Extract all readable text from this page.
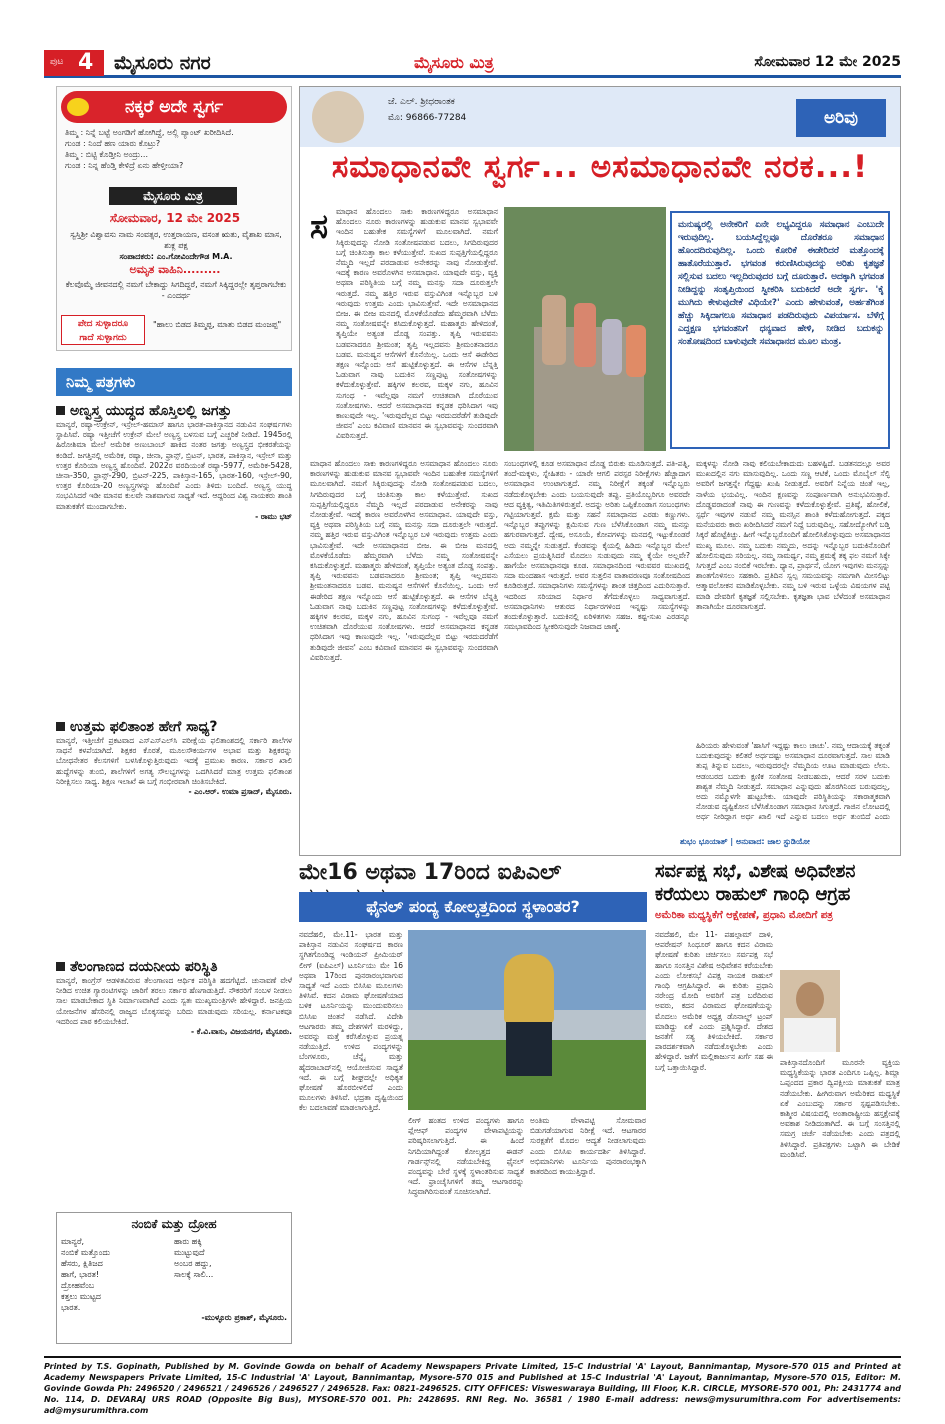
ಪುಟ 4 ಮೈಸೂರು ನಗರ	ಮೈಸೂರು ಮಿತ್ರ	ಸೋಮವಾರ 12 ಮೇ 2025
ನಕ್ಕರೆ ಅದೇ ಸ್ವರ್ಗ
ತಿಮ್ಮ : ನಿನ್ನೆ ಬಟ್ಟೆ ಅಂಗಡಿಗೆ ಹೋಗಿದ್ದೆ, ಅಲ್ಲಿ ಪ್ಯಾಂಟ್‌ ಖರೀದಿಸಿದೆ.
ಗುಂಡ : ನಿಂದೆ ಹಣ ಯಾರು ಕೊಟ್ರು?
ತಿಮ್ಮ : ಬಿಟ್ಟಿ ಕೊಡ್ತೀನಿ ಅಂದ್ರು...
ಗುಂಡ : ನಿನ್ನ ಹೆಂಡ್ತಿ ಕೇಳಿದ್ರೆ ಏನು ಹೇಳ್ತೀಯಾ?
ಮೈಸೂರು ಮಿತ್ರ
ಸೋಮವಾರ, 12 ಮೇ 2025
ಸ್ವಸ್ತಿಶ್ರೀ ವಿಶ್ವಾವಸು ನಾಮ ಸಂವತ್ಸರ, ಉತ್ತರಾಯಣ, ವಸಂತ ಋತು, ವೈಶಾಖ ಮಾಸ, ಶುಕ್ಲ ಪಕ್ಷ
ಸಂಪಾದಕರು: ಎಂ.ಗೋವಿಂದೇಗೌಡ M.A.
ಅಮೃತ ವಾಹಿನಿ.........
ಕೆಲವೊಮ್ಮೆ ಜೀವನದಲ್ಲಿ ನಮಗೆ ಬೇಕಾದ್ದು ಸಿಗದಿದ್ದರೆ, ನಮಗೆ ಸಿಕ್ಕಿದ್ದರಲ್ಲೇ ತೃಪ್ತರಾಗಬೇಕು - ಎಂದರ್ಥ
ಪೇದ ಸುಳ್ಳಾದರೂ
ಗಾದೆ ಸುಳ್ಳಾಗದು
"ಹಾಲು ಬಿಡದ ತಿಮ್ಮಪ್ಪ, ಮಾತು ಬಿಡದ ಮಂಜಪ್ಪ"
ನಿಮ್ಮ ಪತ್ರಗಳು
ಅಣ್ವಸ್ತ್ರ ಯುದ್ಧದ ಹೊಸ್ತಿಲಲ್ಲಿ ಜಗತ್ತು
ಮಾನ್ಯರೆ, ರಷ್ಯಾ-ಉಕ್ರೇನ್, ಇಸ್ರೇಲ್-ಹಮಾಸ್ ಹಾಗೂ ಭಾರತ-ಪಾಕಿಸ್ತಾನದ ನಡುವಿನ ಸಂಘರ್ಷಗಳು ಸ್ಥಾಪಿಸಿವೆ. ರಷ್ಯಾ ಇತ್ತೀಚೆಗೆ ಉಕ್ರೇನ್ ಮೇಲೆ ಅಣ್ವಸ್ತ್ರ ಬಳಸುವ ಬಗ್ಗೆ ಎಚ್ಚರಿಕೆ ನೀಡಿದೆ. 1945ರಲ್ಲಿ ಹಿರೋಶಿಮಾ ಮೇಲೆ ಅಮೆರಿಕ ಅಣುಬಾಂಬ್ ಹಾಕಿದ ನಂತರ ಜಗತ್ತು ಅಣ್ವಸ್ತ್ರದ ಭೀಕರತೆಯನ್ನು ಕಂಡಿದೆ. ಜಗತ್ತಿನಲ್ಲಿ ಅಮೆರಿಕ, ರಷ್ಯಾ, ಚೀನಾ, ಫ್ರಾನ್ಸ್, ಬ್ರಿಟನ್, ಭಾರತ, ಪಾಕಿಸ್ತಾನ, ಇಸ್ರೇಲ್ ಮತ್ತು ಉತ್ತರ ಕೊರಿಯಾ ಅಣ್ವಸ್ತ್ರ ಹೊಂದಿವೆ. 2022ರ ವರದಿಯಂತೆ ರಷ್ಯಾ-5977, ಅಮೆರಿಕ-5428, ಚೀನಾ-350, ಫ್ರಾನ್ಸ್-290, ಬ್ರಿಟನ್-225, ಪಾಕಿಸ್ತಾನ-165, ಭಾರತ-160, ಇಸ್ರೇಲ್-90, ಉತ್ತರ ಕೊರಿಯಾ-20 ಅಣ್ವಸ್ತ್ರಗಳನ್ನು ಹೊಂದಿವೆ ಎಂದು ತಿಳಿದು ಬಂದಿದೆ. ಅಣ್ವಸ್ತ್ರ ಯುದ್ಧ ಸಂಭವಿಸಿದರೆ ಇಡೀ ಮಾನವ ಕುಲವೇ ನಾಶವಾಗುವ ಸಾಧ್ಯತೆ ಇದೆ. ಆದ್ದರಿಂದ ವಿಶ್ವ ನಾಯಕರು ಶಾಂತಿ ಮಾತುಕತೆಗೆ ಮುಂದಾಗಬೇಕು.
- ರಾಮು ಭಟ್
ಉತ್ತಮ ಫಲಿತಾಂಶ ಹೇಗೆ ಸಾಧ್ಯ?
ಮಾನ್ಯರೆ, ಇತ್ತೀಚೆಗೆ ಪ್ರಕಟವಾದ ಎಸ್‌ಎಸ್‌ಎಲ್‌ಸಿ ಪರೀಕ್ಷೆಯ ಫಲಿತಾಂಶದಲ್ಲಿ ಸರ್ಕಾರಿ ಶಾಲೆಗಳ ಸಾಧನೆ ಕಳಪೆಯಾಗಿದೆ. ಶಿಕ್ಷಕರ ಕೊರತೆ, ಮೂಲಸೌಕರ್ಯಗಳ ಅಭಾವ ಮತ್ತು ಶಿಕ್ಷಕರನ್ನು ಬೋಧನೇತರ ಕೆಲಸಗಳಿಗೆ ಬಳಸಿಕೊಳ್ಳುತ್ತಿರುವುದು ಇದಕ್ಕೆ ಪ್ರಮುಖ ಕಾರಣ. ಸರ್ಕಾರ ಖಾಲಿ ಹುದ್ದೆಗಳನ್ನು ತುಂಬಿ, ಶಾಲೆಗಳಿಗೆ ಅಗತ್ಯ ಸೌಲಭ್ಯಗಳನ್ನು ಒದಗಿಸಿದರೆ ಮಾತ್ರ ಉತ್ತಮ ಫಲಿತಾಂಶ ನಿರೀಕ್ಷಿಸಲು ಸಾಧ್ಯ. ಶಿಕ್ಷಣ ಇಲಾಖೆ ಈ ಬಗ್ಗೆ ಗಂಭೀರವಾಗಿ ಚಿಂತಿಸಬೇಕಿದೆ.
- ಎಂ.ಆರ್. ಉಮಾ ಪ್ರಸಾದ್, ಮೈಸೂರು.
ತೆಲಂಗಾಣದ ದಯನೀಯ ಪರಿಸ್ಥಿತಿ
ಮಾನ್ಯರೆ, ಕಾಂಗ್ರೆಸ್ ಆಡಳಿತವಿರುವ ತೆಲಂಗಾಣದ ಆರ್ಥಿಕ ಪರಿಸ್ಥಿತಿ ಹದಗೆಟ್ಟಿದೆ. ಚುನಾವಣೆ ವೇಳೆ ನೀಡಿದ ಉಚಿತ ಗ್ಯಾರಂಟಿಗಳನ್ನು ಜಾರಿಗೆ ತರಲು ಸರ್ಕಾರ ಹೆಣಗಾಡುತ್ತಿದೆ. ನೌಕರರಿಗೆ ಸಂಬಳ ನೀಡಲು ಸಾಲ ಮಾಡಬೇಕಾದ ಸ್ಥಿತಿ ನಿರ್ಮಾಣವಾಗಿದೆ ಎಂದು ಸ್ವತಃ ಮುಖ್ಯಮಂತ್ರಿಗಳೇ ಹೇಳಿದ್ದಾರೆ. ಜನಪ್ರಿಯ ಯೋಜನೆಗಳ ಹೆಸರಿನಲ್ಲಿ ರಾಜ್ಯದ ಬೊಕ್ಕಸವನ್ನು ಬರಿದು ಮಾಡುವುದು ಸರಿಯಲ್ಲ. ಕರ್ನಾಟಕವೂ ಇದರಿಂದ ಪಾಠ ಕಲಿಯಬೇಕಿದೆ.
- ಕೆ.ವಿ.ವಾಸು, ವಿಜಯನಗರ, ಮೈಸೂರು.
ನಂಬಿಕೆ ಮತ್ತು ದ್ರೋಹ
ಮಾನ್ಯರೆ,
ನಂಬಿಕೆ ಮತ್ತೊಂದು
ಹೆಸರು, ಕ್ಷಿತಿಜದ
ಹಾಗೆ, ಭಾರತ!
ದ್ರೋಹವೆಂಬ
ಕತ್ತಲು ಮುಟ್ಟದ
ಭಾರತ.
ಹಾರು ಹಕ್ಕಿ
ಮುಟ್ಟುವುದೆ
ಅಂಬರ ಹದ್ದು,
ಸಾಲಕ್ಕೆ ಸಾಲಿ...
-ಮುಳ್ಳೂರು ಪ್ರಕಾಶ್, ಮೈಸೂರು.
ಜೆ. ಎಲ್. ಶ್ರೀಧರಾಂತಕ
ಮೊ: 96866-77284	ಅರಿವು
ಸಮಾಧಾನವೇ ಸ್ವರ್ಗ... ಅಸಮಾಧಾನವೇ ನರಕ...!
ಸ ಮಾಧಾನ ಹೊಂದಲು ಸಾಕು ಕಾರಣಗಳಿದ್ದರೂ ಅಸಮಾಧಾನ ಹೊಂದಲು ನೂರು ಕಾರಣಗಳನ್ನು ಹುಡುಕುವ ಮಾನವ ಸ್ವಭಾವವೇ ಇಂದಿನ ಬಹುತೇಕ ಸಮಸ್ಯೆಗಳಿಗೆ ಮೂಲವಾಗಿದೆ. ನಮಗೆ ಸಿಕ್ಕಿರುವುದನ್ನು ನೋಡಿ ಸಂತೋಷಪಡುವ ಬದಲು, ಸಿಗದಿರುವುದರ ಬಗ್ಗೆ ಚಿಂತಿಸುತ್ತಾ ಕಾಲ ಕಳೆಯುತ್ತೇವೆ. ಸುಖದ ಸುಪ್ಪತ್ತಿಗೆಯಲ್ಲಿದ್ದರೂ ನೆಮ್ಮದಿ ಇಲ್ಲದೆ ಪರದಾಡುವ ಅನೇಕರನ್ನು ನಾವು ನೋಡುತ್ತೇವೆ. ಇದಕ್ಕೆ ಕಾರಣ ಅವರೊಳಗಿನ ಅಸಮಾಧಾನ. ಯಾವುದೇ ವಸ್ತು, ವ್ಯಕ್ತಿ ಅಥವಾ ಪರಿಸ್ಥಿತಿಯ ಬಗ್ಗೆ ನಮ್ಮ ಮನಸ್ಸು ಸದಾ ದೂರುತ್ತಲೇ ಇರುತ್ತದೆ. ನಮ್ಮ ಹತ್ತಿರ ಇರುವ ವಸ್ತುವಿಗಿಂತ ಇನ್ನೊಬ್ಬರ ಬಳಿ ಇರುವುದು ಉತ್ತಮ ಎಂದು ಭಾವಿಸುತ್ತೇವೆ. ಇದೇ ಅಸಮಾಧಾನದ ಬೀಜ. ಈ ಬೀಜ ಮನದಲ್ಲಿ ಮೊಳಕೆಯೊಡೆದು ಹೆಮ್ಮರವಾಗಿ ಬೆಳೆದು ನಮ್ಮ ಸಂತೋಷವನ್ನೇ ಕಸಿದುಕೊಳ್ಳುತ್ತದೆ. ಮಹಾತ್ಮರು ಹೇಳಿದಂತೆ, ತೃಪ್ತಿಯೇ ಅತ್ಯಂತ ದೊಡ್ಡ ಸಂಪತ್ತು. ತೃಪ್ತಿ ಇರುವವನು ಬಡವನಾದರೂ ಶ್ರೀಮಂತ; ತೃಪ್ತಿ ಇಲ್ಲದವನು ಶ್ರೀಮಂತನಾದರೂ ಬಡವ. ಮನುಷ್ಯನ ಆಸೆಗಳಿಗೆ ಕೊನೆಯಿಲ್ಲ. ಒಂದು ಆಸೆ ಈಡೇರಿದ ತಕ್ಷಣ ಇನ್ನೊಂದು ಆಸೆ ಹುಟ್ಟಿಕೊಳ್ಳುತ್ತದೆ. ಈ ಆಸೆಗಳ ಬೆನ್ನತ್ತಿ ಓಡುವಾಗ ನಾವು ಬದುಕಿನ ಸಣ್ಣಪುಟ್ಟ ಸಂತೋಷಗಳನ್ನು ಕಳೆದುಕೊಳ್ಳುತ್ತೇವೆ. ಹಕ್ಕಿಗಳ ಕಲರವ, ಮಕ್ಕಳ ನಗು, ಹೂವಿನ ಸುಗಂಧ - ಇವೆಲ್ಲವೂ ನಮಗೆ ಉಚಿತವಾಗಿ ದೊರೆಯುವ ಸಂತೋಷಗಳು. ಆದರೆ ಅಸಮಾಧಾನದ ಕನ್ನಡಕ ಧರಿಸಿದಾಗ ಇವು ಕಾಣುವುದೇ ಇಲ್ಲ. 'ಇರುವುದೆಲ್ಲವ ಬಿಟ್ಟು ಇರದುದರೆಡೆಗೆ ತುಡಿವುದೇ ಜೀವನ' ಎಂಬ ಕವಿವಾಣಿ ಮಾನವನ ಈ ಸ್ವಭಾವವನ್ನು ಸುಂದರವಾಗಿ ವಿವರಿಸುತ್ತದೆ.
ಮನುಷ್ಯರಲ್ಲಿ ಅನೇಕರಿಗೆ ಏನೇ ಲಭ್ಯವಿದ್ದರೂ ಸಮಾಧಾನ ಎಂಬುದೇ ಇರುವುದಿಲ್ಲ. ಬಯಸಿದ್ದೆಲ್ಲವೂ ದೊರೆತರೂ ಸಮಾಧಾನ ಹೊಂದದಿರುವುದಿಲ್ಲ. ಒಂದು ಕೋರಿಕೆ ಈಡೇರಿದರೆ ಮತ್ತೊಂದಕ್ಕೆ ಹಾತೊರೆಯುತ್ತಾರೆ. ಭಗವಂತ ಕರುಣಿಸಿರುವುದನ್ನು ಅರಿತು ಕೃತಜ್ಞತೆ ಸಲ್ಲಿಸುವ ಬದಲು ಇಲ್ಲದಿರುವುದರ ಬಗ್ಗೆ ದೂರುತ್ತಾರೆ. ಅದಕ್ಕಾಗಿ ಭಗವಂತ ನೀಡಿದ್ದನ್ನು ಸಂತೃಪ್ತಿಯಿಂದ ಸ್ವೀಕರಿಸಿ ಬದುಕಿದರೆ ಅದೇ ಸ್ವರ್ಗ. 'ಕೈ ಮುಗಿದು ಕೇಳುವುದೇಕೆ ವಿಧಿಯೇ?' ಎಂದು ಹೇಳುವಂತೆ, ಅರ್ಹತೆಗಿಂತ ಹೆಚ್ಚು ಸಿಕ್ಕಿದಾಗಲೂ ಸಮಾಧಾನ ಪಡದಿರುವುದು ವಿಪರ್ಯಾಸ. ಬೆಳೆಗ್ಗೆ ಎದ್ದಕ್ಷಣ ಭಗವಂತನಿಗೆ ಧನ್ಯವಾದ ಹೇಳಿ, ನೀಡಿದ ಬದುಕನ್ನು ಸಂತೋಷದಿಂದ ಬಾಳುವುದೇ ಸಮಾಧಾನದ ಮೂಲ ಮಂತ್ರ.
ಮಾಧಾನ ಹೊಂದಲು ಸಾಕು ಕಾರಣಗಳಿದ್ದರೂ ಅಸಮಾಧಾನ ಹೊಂದಲು ನೂರು ಕಾರಣಗಳನ್ನು ಹುಡುಕುವ ಮಾನವ ಸ್ವಭಾವವೇ ಇಂದಿನ ಬಹುತೇಕ ಸಮಸ್ಯೆಗಳಿಗೆ ಮೂಲವಾಗಿದೆ. ನಮಗೆ ಸಿಕ್ಕಿರುವುದನ್ನು ನೋಡಿ ಸಂತೋಷಪಡುವ ಬದಲು, ಸಿಗದಿರುವುದರ ಬಗ್ಗೆ ಚಿಂತಿಸುತ್ತಾ ಕಾಲ ಕಳೆಯುತ್ತೇವೆ. ಸುಖದ ಸುಪ್ಪತ್ತಿಗೆಯಲ್ಲಿದ್ದರೂ ನೆಮ್ಮದಿ ಇಲ್ಲದೆ ಪರದಾಡುವ ಅನೇಕರನ್ನು ನಾವು ನೋಡುತ್ತೇವೆ. ಇದಕ್ಕೆ ಕಾರಣ ಅವರೊಳಗಿನ ಅಸಮಾಧಾನ. ಯಾವುದೇ ವಸ್ತು, ವ್ಯಕ್ತಿ ಅಥವಾ ಪರಿಸ್ಥಿತಿಯ ಬಗ್ಗೆ ನಮ್ಮ ಮನಸ್ಸು ಸದಾ ದೂರುತ್ತಲೇ ಇರುತ್ತದೆ. ನಮ್ಮ ಹತ್ತಿರ ಇರುವ ವಸ್ತುವಿಗಿಂತ ಇನ್ನೊಬ್ಬರ ಬಳಿ ಇರುವುದು ಉತ್ತಮ ಎಂದು ಭಾವಿಸುತ್ತೇವೆ. ಇದೇ ಅಸಮಾಧಾನದ ಬೀಜ. ಈ ಬೀಜ ಮನದಲ್ಲಿ ಮೊಳಕೆಯೊಡೆದು ಹೆಮ್ಮರವಾಗಿ ಬೆಳೆದು ನಮ್ಮ ಸಂತೋಷವನ್ನೇ ಕಸಿದುಕೊಳ್ಳುತ್ತದೆ. ಮಹಾತ್ಮರು ಹೇಳಿದಂತೆ, ತೃಪ್ತಿಯೇ ಅತ್ಯಂತ ದೊಡ್ಡ ಸಂಪತ್ತು. ತೃಪ್ತಿ ಇರುವವನು ಬಡವನಾದರೂ ಶ್ರೀಮಂತ; ತೃಪ್ತಿ ಇಲ್ಲದವನು ಶ್ರೀಮಂತನಾದರೂ ಬಡವ. ಮನುಷ್ಯನ ಆಸೆಗಳಿಗೆ ಕೊನೆಯಿಲ್ಲ. ಒಂದು ಆಸೆ ಈಡೇರಿದ ತಕ್ಷಣ ಇನ್ನೊಂದು ಆಸೆ ಹುಟ್ಟಿಕೊಳ್ಳುತ್ತದೆ. ಈ ಆಸೆಗಳ ಬೆನ್ನತ್ತಿ ಓಡುವಾಗ ನಾವು ಬದುಕಿನ ಸಣ್ಣಪುಟ್ಟ ಸಂತೋಷಗಳನ್ನು ಕಳೆದುಕೊಳ್ಳುತ್ತೇವೆ. ಹಕ್ಕಿಗಳ ಕಲರವ, ಮಕ್ಕಳ ನಗು, ಹೂವಿನ ಸುಗಂಧ - ಇವೆಲ್ಲವೂ ನಮಗೆ ಉಚಿತವಾಗಿ ದೊರೆಯುವ ಸಂತೋಷಗಳು. ಆದರೆ ಅಸಮಾಧಾನದ ಕನ್ನಡಕ ಧರಿಸಿದಾಗ ಇವು ಕಾಣುವುದೇ ಇಲ್ಲ. 'ಇರುವುದೆಲ್ಲವ ಬಿಟ್ಟು ಇರದುದರೆಡೆಗೆ ತುಡಿವುದೇ ಜೀವನ' ಎಂಬ ಕವಿವಾಣಿ ಮಾನವನ ಈ ಸ್ವಭಾವವನ್ನು ಸುಂದರವಾಗಿ ವಿವರಿಸುತ್ತದೆ.
ಸಂಬಂಧಗಳಲ್ಲಿ ಕೂಡ ಅಸಮಾಧಾನ ದೊಡ್ಡ ಬಿರುಕು ಮೂಡಿಸುತ್ತದೆ. ಪತಿ-ಪತ್ನಿ, ತಂದೆ-ಮಕ್ಕಳು, ಸ್ನೇಹಿತರು - ಯಾರೇ ಆಗಲಿ ಪರಸ್ಪರ ನಿರೀಕ್ಷೆಗಳು ಹೆಚ್ಚಾದಾಗ ಅಸಮಾಧಾನ ಉಂಟಾಗುತ್ತದೆ. ನಮ್ಮ ನಿರೀಕ್ಷೆಗೆ ತಕ್ಕಂತೆ ಇನ್ನೊಬ್ಬರು ನಡೆದುಕೊಳ್ಳಬೇಕು ಎಂದು ಬಯಸುವುದೇ ತಪ್ಪು. ಪ್ರತಿಯೊಬ್ಬರಿಗೂ ಅವರದೇ ಆದ ವ್ಯಕ್ತಿತ್ವ, ಇತಿಮಿತಿಗಳಿರುತ್ತವೆ. ಅದನ್ನು ಅರಿತು ಒಪ್ಪಿಕೊಂಡಾಗ ಸಂಬಂಧಗಳು ಗಟ್ಟಿಯಾಗುತ್ತವೆ. ಕ್ಷಮೆ ಮತ್ತು ಸಹನೆ ಸಮಾಧಾನದ ಎರಡು ಕಣ್ಣುಗಳು. ಇನ್ನೊಬ್ಬರ ತಪ್ಪುಗಳನ್ನು ಕ್ಷಮಿಸುವ ಗುಣ ಬೆಳೆಸಿಕೊಂಡಾಗ ನಮ್ಮ ಮನಸ್ಸು ಹಗುರವಾಗುತ್ತದೆ. ದ್ವೇಷ, ಅಸೂಯೆ, ಕೋಪಗಳನ್ನು ಮನದಲ್ಲಿ ಇಟ್ಟುಕೊಂಡರೆ ಅದು ನಮ್ಮನ್ನೇ ಸುಡುತ್ತದೆ. ಕೆಂಡವನ್ನು ಕೈಯಲ್ಲಿ ಹಿಡಿದು ಇನ್ನೊಬ್ಬರ ಮೇಲೆ ಎಸೆಯಲು ಪ್ರಯತ್ನಿಸಿದರೆ ಮೊದಲು ಸುಡುವುದು ನಮ್ಮ ಕೈಯೇ ಅಲ್ಲವೇ? ಹಾಗೆಯೇ ಅಸಮಾಧಾನವೂ ಕೂಡ. ಸಮಾಧಾನದಿಂದ ಇರುವವರ ಮುಖದಲ್ಲಿ ಸದಾ ಮಂದಹಾಸ ಇರುತ್ತದೆ. ಅವರ ಸುತ್ತಲಿನ ವಾತಾವರಣವೂ ಸಂತೋಷದಿಂದ ಕೂಡಿರುತ್ತದೆ. ಸಮಾಧಾನಿಗಳು ಸಮಸ್ಯೆಗಳನ್ನು ಶಾಂತ ಚಿತ್ತದಿಂದ ಎದುರಿಸುತ್ತಾರೆ. ಇದರಿಂದ ಸರಿಯಾದ ನಿರ್ಧಾರ ತೆಗೆದುಕೊಳ್ಳಲು ಸಾಧ್ಯವಾಗುತ್ತದೆ. ಅಸಮಾಧಾನಿಗಳು ಆತುರದ ನಿರ್ಧಾರಗಳಿಂದ ಇನ್ನಷ್ಟು ಸಮಸ್ಯೆಗಳನ್ನು ತಂದುಕೊಳ್ಳುತ್ತಾರೆ. ಬದುಕಿನಲ್ಲಿ ಏರಿಳಿತಗಳು ಸಹಜ. ಕಷ್ಟ-ಸುಖ ಎರಡನ್ನೂ ಸಮಭಾವದಿಂದ ಸ್ವೀಕರಿಸುವುದೇ ನಿಜವಾದ ಜಾಣ್ಮೆ.
ಮಕ್ಕಳನ್ನು ನೋಡಿ ನಾವು ಕಲಿಯಬೇಕಾದುದು ಬಹಳಷ್ಟಿದೆ. ಬಡತನದಲ್ಲೂ ಅವರ ಮುಖದಲ್ಲಿನ ನಗು ಮಾಸುವುದಿಲ್ಲ. ಒಂದು ಸಣ್ಣ ಆಟಿಕೆ, ಒಂದು ಮೊಬೈಲ್ ಸೆಲ್ಫಿ ಅವರಿಗೆ ಜಗತ್ತನ್ನೇ ಗೆದ್ದಷ್ಟು ಖುಷಿ ನೀಡುತ್ತದೆ. ಅವರಿಗೆ ನಿನ್ನೆಯ ಚಿಂತೆ ಇಲ್ಲ, ನಾಳೆಯ ಭಯವಿಲ್ಲ. ಇಂದಿನ ಕ್ಷಣವನ್ನು ಸಂಪೂರ್ಣವಾಗಿ ಅನುಭವಿಸುತ್ತಾರೆ. ದೊಡ್ಡವರಾದಂತೆ ನಾವು ಈ ಗುಣವನ್ನು ಕಳೆದುಕೊಳ್ಳುತ್ತೇವೆ. ಪ್ರತಿಷ್ಠೆ, ಹೋಲಿಕೆ, ಸ್ಪರ್ಧೆ ಇವುಗಳ ನಡುವೆ ನಮ್ಮ ಮನಸ್ಸಿನ ಶಾಂತಿ ಕಳೆದುಹೋಗುತ್ತದೆ. ಪಕ್ಕದ ಮನೆಯವರು ಕಾರು ಖರೀದಿಸಿದರೆ ನಮಗೆ ನಿದ್ದೆ ಬರುವುದಿಲ್ಲ. ಸಹೋದ್ಯೋಗಿಗೆ ಬಡ್ತಿ ಸಿಕ್ಕರೆ ಹೊಟ್ಟೆಕಿಚ್ಚು. ಹೀಗೆ ಇನ್ನೊಬ್ಬರೊಂದಿಗೆ ಹೋಲಿಸಿಕೊಳ್ಳುವುದು ಅಸಮಾಧಾನದ ಮುಖ್ಯ ಮೂಲ. ನಮ್ಮ ಬದುಕು ನಮ್ಮದು, ಅದನ್ನು ಇನ್ನೊಬ್ಬರ ಬದುಕಿನೊಂದಿಗೆ ಹೋಲಿಸುವುದು ಸರಿಯಲ್ಲ. ನಮ್ಮ ಸಾಮರ್ಥ್ಯ, ನಮ್ಮ ಶ್ರಮಕ್ಕೆ ತಕ್ಕ ಫಲ ನಮಗೆ ಸಿಕ್ಕೇ ಸಿಗುತ್ತದೆ ಎಂಬ ನಂಬಿಕೆ ಇರಬೇಕು. ಧ್ಯಾನ, ಪ್ರಾರ್ಥನೆ, ಯೋಗ ಇವುಗಳು ಮನಸ್ಸನ್ನು ಶಾಂತಗೊಳಿಸಲು ಸಹಕಾರಿ. ಪ್ರತಿದಿನ ಸ್ವಲ್ಪ ಸಮಯವನ್ನು ನಮಗಾಗಿ ಮೀಸಲಿಟ್ಟು ಆತ್ಮಾವಲೋಕನ ಮಾಡಿಕೊಳ್ಳಬೇಕು. ನಮ್ಮ ಬಳಿ ಇರುವ ಒಳ್ಳೆಯ ವಿಷಯಗಳ ಪಟ್ಟಿ ಮಾಡಿ ದೇವರಿಗೆ ಕೃತಜ್ಞತೆ ಸಲ್ಲಿಸಬೇಕು. ಕೃತಜ್ಞತಾ ಭಾವ ಬೆಳೆದಂತೆ ಅಸಮಾಧಾನ ತಾನಾಗಿಯೇ ದೂರವಾಗುತ್ತದೆ.
ಹಿರಿಯರು ಹೇಳುವಂತೆ 'ಹಾಸಿಗೆ ಇದ್ದಷ್ಟು ಕಾಲು ಚಾಚು'. ನಮ್ಮ ಆದಾಯಕ್ಕೆ ತಕ್ಕಂತೆ ಬದುಕುವುದನ್ನು ಕಲಿತರೆ ಅರ್ಧದಷ್ಟು ಅಸಮಾಧಾನ ದೂರವಾಗುತ್ತದೆ. ಸಾಲ ಮಾಡಿ ತುಪ್ಪ ತಿನ್ನುವ ಬದಲು, ಇರುವುದರಲ್ಲೇ ನೆಮ್ಮದಿಯ ಊಟ ಮಾಡುವುದು ಲೇಸು. ಆಡಂಬರದ ಬದುಕು ಕ್ಷಣಿಕ ಸಂತೋಷ ನೀಡಬಹುದು, ಆದರೆ ಸರಳ ಬದುಕು ಶಾಶ್ವತ ನೆಮ್ಮದಿ ನೀಡುತ್ತದೆ. ಸಮಾಧಾನ ಎನ್ನುವುದು ಹೊರಗಿನಿಂದ ಬರುವುದಲ್ಲ, ಅದು ನಮ್ಮೊಳಗೇ ಹುಟ್ಟಬೇಕು. ಯಾವುದೇ ಪರಿಸ್ಥಿತಿಯನ್ನು ಸಕಾರಾತ್ಮಕವಾಗಿ ನೋಡುವ ದೃಷ್ಟಿಕೋನ ಬೆಳೆಸಿಕೊಂಡಾಗ ಸಮಾಧಾನ ಸಿಗುತ್ತದೆ. ಗಾಜಿನ ಲೋಟದಲ್ಲಿ ಅರ್ಧ ನೀರಿದ್ದಾಗ ಅರ್ಧ ಖಾಲಿ ಇದೆ ಎನ್ನುವ ಬದಲು ಅರ್ಧ ತುಂಬಿದೆ ಎಂದು
ಶುಭಂ ಭೂಯಾತ್ | ಅನುವಾದ: ಜಾಲ ಸ್ಟುಡಿಯೋ
ಮೇ16 ಅಥವಾ 17ರಿಂದ ಐಪಿಎಲ್
ಫೈನಲ್ ಪಂದ್ಯ ಕೋಲ್ಕತ್ತದಿಂದ ಸ್ಥಳಾಂತರ?
ನವದೆಹಲಿ, ಮೇ.11- ಭಾರತ ಮತ್ತು ಪಾಕಿಸ್ತಾನ ನಡುವಿನ ಸಂಘರ್ಷದ ಕಾರಣ ಸ್ಥಗಿತಗೊಂಡಿದ್ದ ಇಂಡಿಯನ್ ಪ್ರೀಮಿಯರ್ ಲೀಗ್ (ಐಪಿಎಲ್) ಟೂರ್ನಿಯು ಮೇ 16 ಅಥವಾ 17ರಿಂದ ಪುನರಾರಂಭವಾಗುವ ಸಾಧ್ಯತೆ ಇದೆ ಎಂದು ಬಿಸಿಸಿಐ ಮೂಲಗಳು ತಿಳಿಸಿವೆ. ಕದನ ವಿರಾಮ ಘೋಷಣೆಯಾದ ಬಳಿಕ ಟೂರ್ನಿಯನ್ನು ಮುಂದುವರಿಸಲು ಬಿಸಿಸಿಐ ಚಿಂತನೆ ನಡೆಸಿದೆ. ವಿದೇಶಿ ಆಟಗಾರರು ತಮ್ಮ ದೇಶಗಳಿಗೆ ಮರಳಿದ್ದು, ಅವರನ್ನು ಮತ್ತೆ ಕರೆಸಿಕೊಳ್ಳುವ ಪ್ರಯತ್ನ ನಡೆಯುತ್ತಿದೆ. ಉಳಿದ ಪಂದ್ಯಗಳನ್ನು ಬೆಂಗಳೂರು, ಚೆನ್ನೈ ಮತ್ತು ಹೈದರಾಬಾದ್‌ನಲ್ಲಿ ಆಯೋಜಿಸುವ ಸಾಧ್ಯತೆ ಇದೆ. ಈ ಬಗ್ಗೆ ಶೀಘ್ರದಲ್ಲೇ ಅಧಿಕೃತ ಘೋಷಣೆ ಹೊರಬೀಳಲಿದೆ ಎಂದು ಮೂಲಗಳು ತಿಳಿಸಿವೆ. ಭದ್ರತಾ ದೃಷ್ಟಿಯಿಂದ ಕೆಲ ಬದಲಾವಣೆ ಮಾಡಲಾಗುತ್ತಿದೆ.
ಲೀಗ್ ಹಂತದ ಉಳಿದ ಪಂದ್ಯಗಳು ಹಾಗೂ ಪ್ಲೇಆಫ್ ಪಂದ್ಯಗಳ ವೇಳಾಪಟ್ಟಿಯನ್ನು ಪರಿಷ್ಕರಿಸಲಾಗುತ್ತಿದೆ. ಈ ಹಿಂದೆ ನಿಗದಿಯಾಗಿದ್ದಂತೆ ಕೋಲ್ಕತ್ತದ ಈಡನ್ ಗಾರ್ಡನ್ಸ್‌ನಲ್ಲಿ ನಡೆಯಬೇಕಿದ್ದ ಫೈನಲ್ ಪಂದ್ಯವನ್ನು ಬೇರೆ ಸ್ಥಳಕ್ಕೆ ಸ್ಥಳಾಂತರಿಸುವ ಸಾಧ್ಯತೆ ಇದೆ. ಫ್ರಾಂಚೈಸಿಗಳಿಗೆ ತಮ್ಮ ಆಟಗಾರರನ್ನು ಸಿದ್ಧವಾಗಿರಿಸುವಂತೆ ಸೂಚಿಸಲಾಗಿದೆ.
ಅಂತಿಮ ವೇಳಾಪಟ್ಟಿ ಸೋಮವಾರ ಬಿಡುಗಡೆಯಾಗುವ ನಿರೀಕ್ಷೆ ಇದೆ. ಆಟಗಾರರ ಸುರಕ್ಷತೆಗೆ ಮೊದಲ ಆದ್ಯತೆ ನೀಡಲಾಗುವುದು ಎಂದು ಬಿಸಿಸಿಐ ಕಾರ್ಯದರ್ಶಿ ತಿಳಿಸಿದ್ದಾರೆ. ಅಭಿಮಾನಿಗಳು ಟೂರ್ನಿಯ ಪುನರಾರಂಭಕ್ಕಾಗಿ ಕಾತರದಿಂದ ಕಾಯುತ್ತಿದ್ದಾರೆ.
ಸರ್ವಪಕ್ಷ ಸಭೆ, ವಿಶೇಷ ಅಧಿವೇಶನ ಕರೆಯಲು ರಾಹುಲ್ ಗಾಂಧಿ ಆಗ್ರಹ
ಅಮೆರಿಕಾ ಮಧ್ಯಸ್ಥಿಕೆಗೆ ಆಕ್ಷೇಪಣೆ, ಪ್ರಧಾನಿ ಮೋದಿಗೆ ಪತ್ರ
ನವದೆಹಲಿ, ಮೇ 11- ಪಹಲ್ಗಾಮ್ ದಾಳಿ, ಆಪರೇಷನ್ ಸಿಂಧೂರ್ ಹಾಗೂ ಕದನ ವಿರಾಮ ಘೋಷಣೆ ಕುರಿತು ಚರ್ಚಿಸಲು ಸರ್ವಪಕ್ಷ ಸಭೆ ಹಾಗೂ ಸಂಸತ್ತಿನ ವಿಶೇಷ ಅಧಿವೇಶನ ಕರೆಯಬೇಕು ಎಂದು ಲೋಕಸಭೆ ವಿಪಕ್ಷ ನಾಯಕ ರಾಹುಲ್ ಗಾಂಧಿ ಆಗ್ರಹಿಸಿದ್ದಾರೆ. ಈ ಕುರಿತು ಪ್ರಧಾನಿ ನರೇಂದ್ರ ಮೋದಿ ಅವರಿಗೆ ಪತ್ರ ಬರೆದಿರುವ ಅವರು, ಕದನ ವಿರಾಮದ ಘೋಷಣೆಯನ್ನು ಮೊದಲು ಅಮೆರಿಕ ಅಧ್ಯಕ್ಷ ಡೊನಾಲ್ಡ್ ಟ್ರಂಪ್ ಮಾಡಿದ್ದು ಏಕೆ ಎಂದು ಪ್ರಶ್ನಿಸಿದ್ದಾರೆ. ದೇಶದ ಜನತೆಗೆ ಸತ್ಯ ತಿಳಿಯಬೇಕಿದೆ. ಸರ್ಕಾರ ಪಾರದರ್ಶಕವಾಗಿ ನಡೆದುಕೊಳ್ಳಬೇಕು ಎಂದು ಹೇಳಿದ್ದಾರೆ. ಜತೆಗೆ ಮಲ್ಲಿಕಾರ್ಜುನ ಖರ್ಗೆ ಸಹ ಈ ಬಗ್ಗೆ ಒತ್ತಾಯಿಸಿದ್ದಾರೆ.
ಪಾಕಿಸ್ತಾನದೊಂದಿಗೆ ಮೂರನೇ ವ್ಯಕ್ತಿಯ ಮಧ್ಯಸ್ಥಿಕೆಯನ್ನು ಭಾರತ ಎಂದಿಗೂ ಒಪ್ಪಿಲ್ಲ. ಶಿಮ್ಲಾ ಒಪ್ಪಂದದ ಪ್ರಕಾರ ದ್ವಿಪಕ್ಷೀಯ ಮಾತುಕತೆ ಮಾತ್ರ ನಡೆಯಬೇಕು. ಹೀಗಿರುವಾಗ ಅಮೆರಿಕದ ಮಧ್ಯಸ್ಥಿಕೆ ಏಕೆ ಎಂಬುದನ್ನು ಸರ್ಕಾರ ಸ್ಪಷ್ಟಪಡಿಸಬೇಕು. ಕಾಶ್ಮೀರ ವಿಷಯದಲ್ಲಿ ಅಂತಾರಾಷ್ಟ್ರೀಯ ಹಸ್ತಕ್ಷೇಪಕ್ಕೆ ಅವಕಾಶ ನೀಡಿದಂತಾಗಿದೆ. ಈ ಬಗ್ಗೆ ಸಂಸತ್ತಿನಲ್ಲಿ ಸಮಗ್ರ ಚರ್ಚೆ ನಡೆಯಬೇಕು ಎಂದು ಪತ್ರದಲ್ಲಿ ತಿಳಿಸಿದ್ದಾರೆ. ಪ್ರತಿಪಕ್ಷಗಳು ಒಟ್ಟಾಗಿ ಈ ಬೇಡಿಕೆ ಮಂಡಿಸಿವೆ.
Printed by T.S. Gopinath, Published by M. Govinde Gowda on behalf of Academy Newspapers Private Limited, 15-C Industrial 'A' Layout, Bannimantap, Mysore-570 015 and Printed at Academy Newspapers Private Limited, 15-C Industrial 'A' Layout, Bannimantap, Mysore-570 015 and Published at 15-C Industrial 'A' Layout, Bannimantap, Mysore-570 015, Editor: M. Govinde Gowda Ph: 2496520 / 2496521 / 2496526 / 2496527 / 2496528. Fax: 0821-2496525. CITY OFFICES: Visweswaraya Building, III Floor, K.R. CIRCLE, MYSORE-570 001, Ph: 2431774 and No. 114, D. DEVARAJ URS ROAD (Opposite Big Bus), MYSORE-570 001. Ph: 2428695. RNI Reg. No. 36581 / 1980 E-mail address: news@mysurumithra.com For advertisements: ad@mysurumithra.com
